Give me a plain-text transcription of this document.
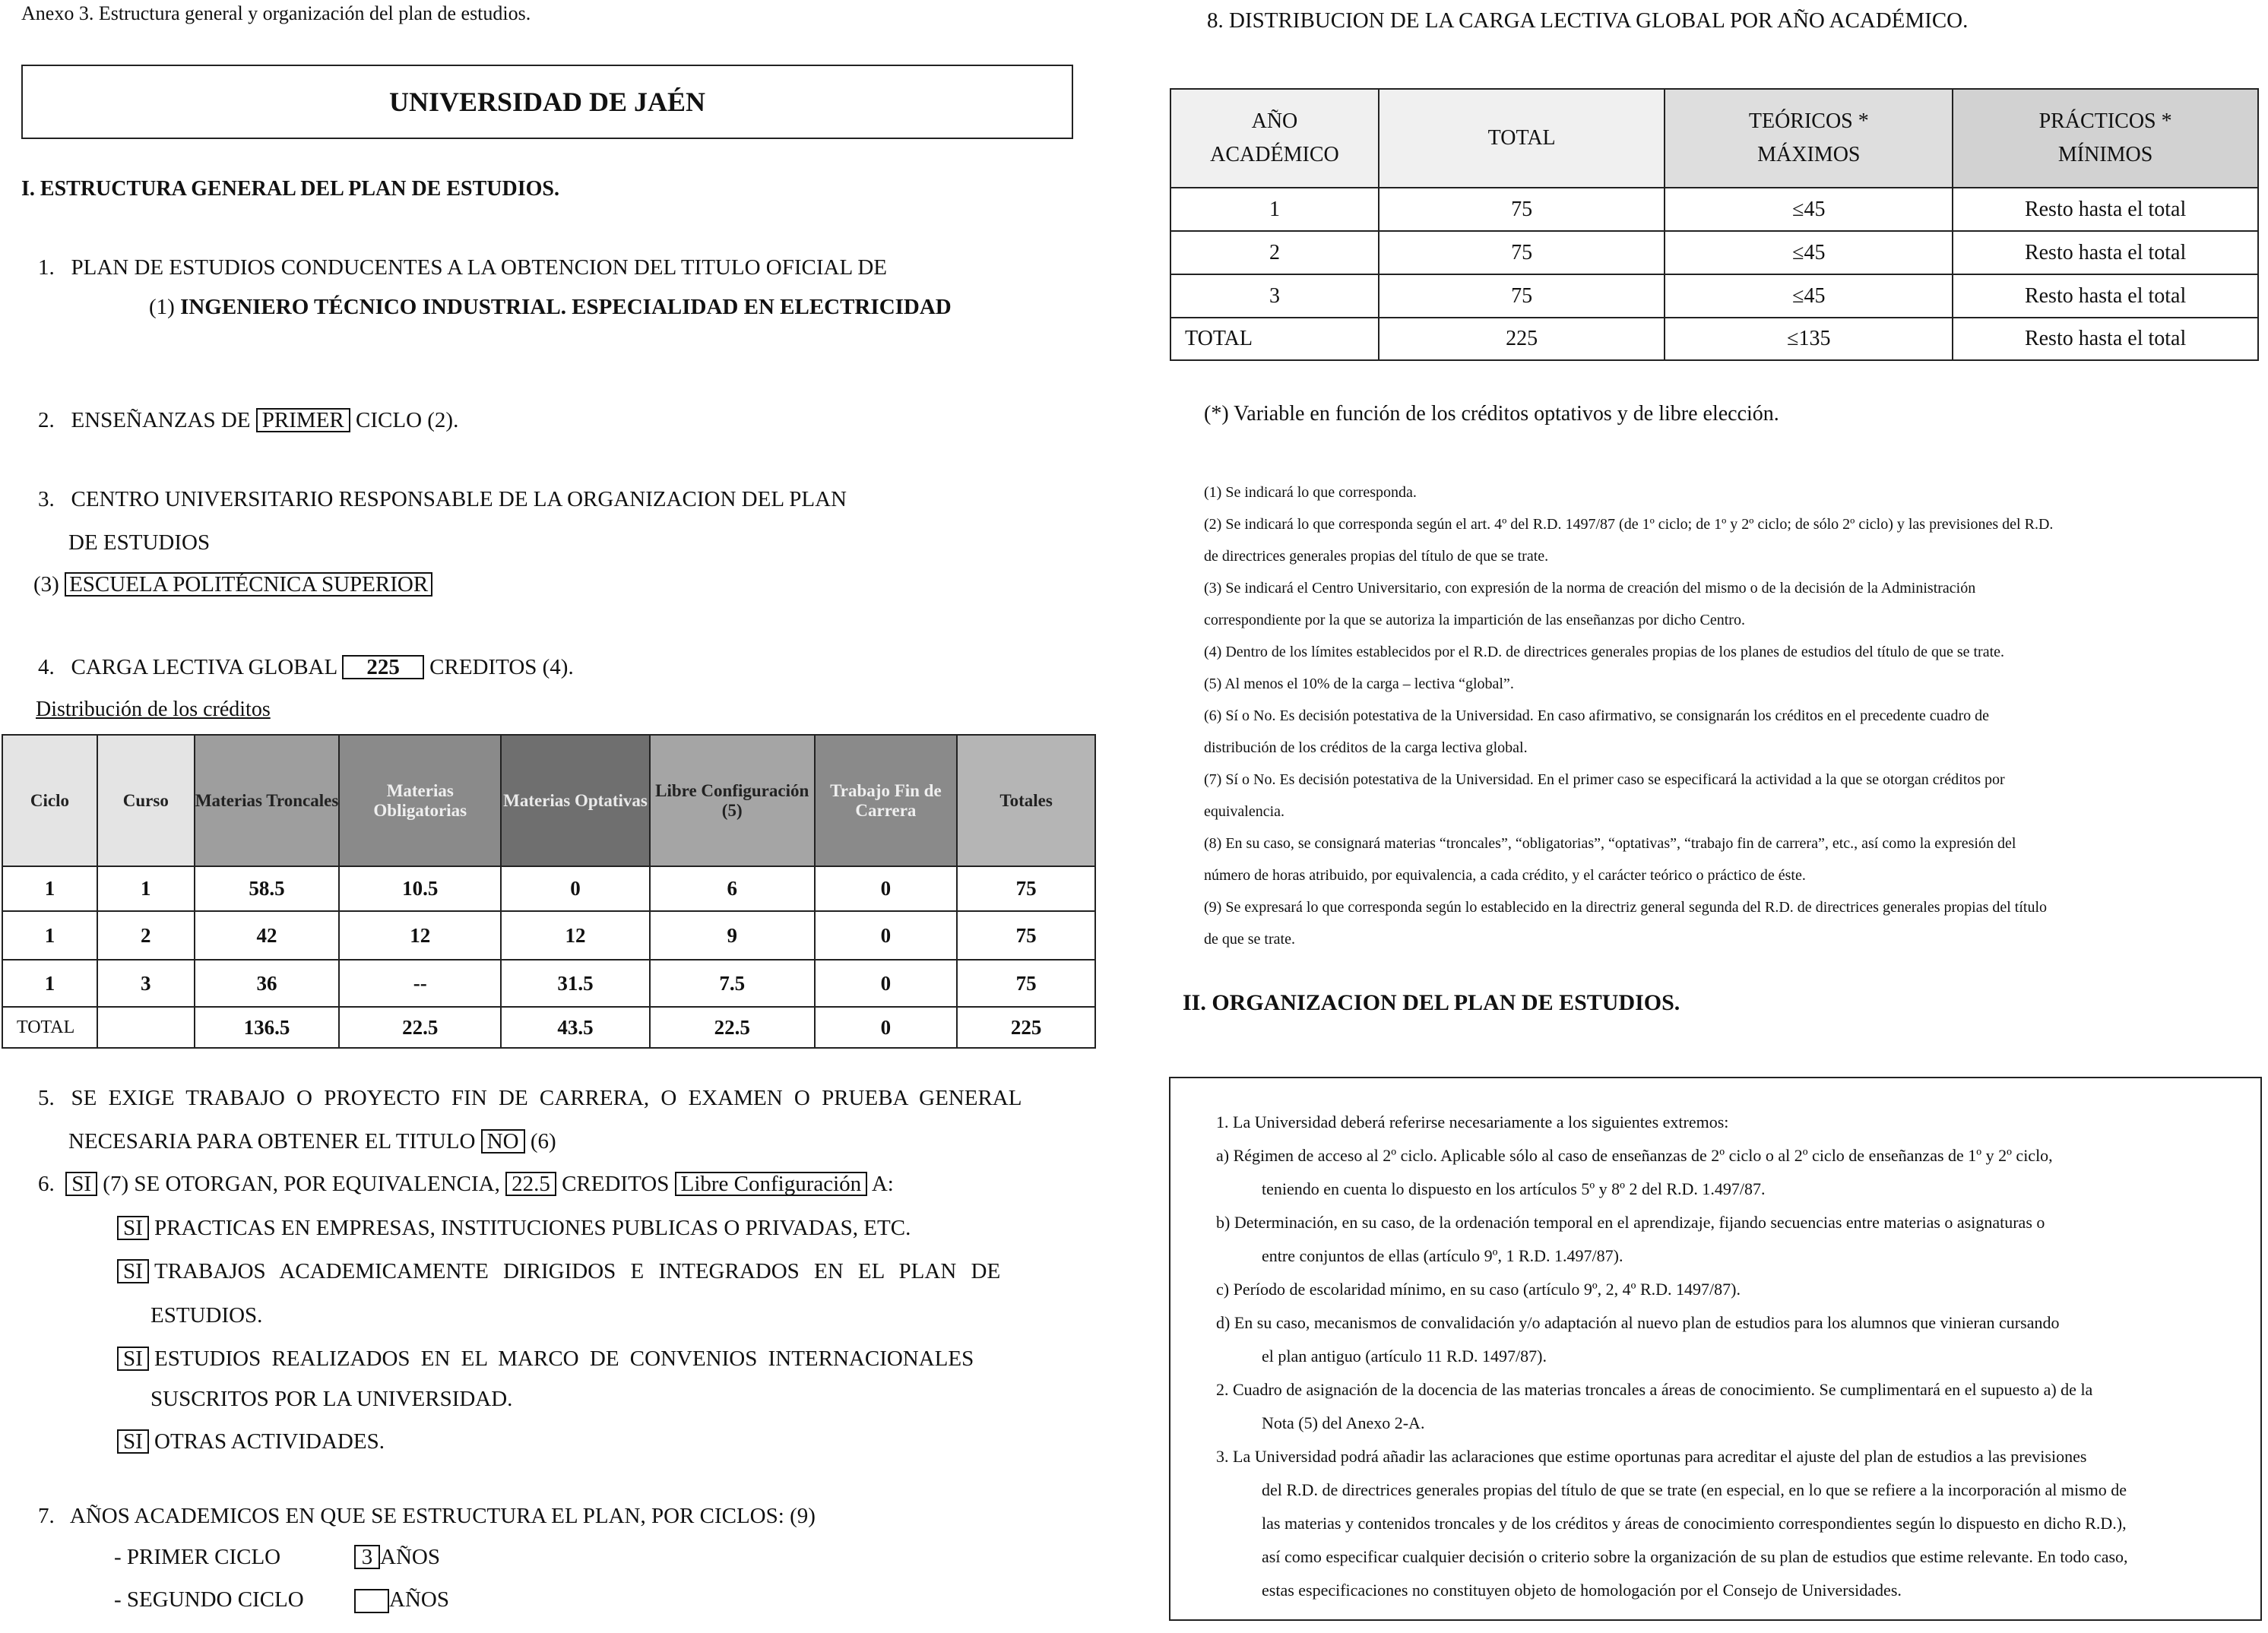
Anexo 3. Estructura general y organización del plan de estudios.
UNIVERSIDAD DE JAÉN
I. ESTRUCTURA GENERAL DEL PLAN DE ESTUDIOS.
1. PLAN DE ESTUDIOS CONDUCENTES A LA OBTENCION DEL TITULO OFICIAL DE
(1) INGENIERO TÉCNICO INDUSTRIAL. ESPECIALIDAD EN ELECTRICIDAD
2. ENSEÑANZAS DE PRIMER CICLO (2).
3. CENTRO UNIVERSITARIO RESPONSABLE DE LA ORGANIZACION DEL PLAN
DE ESTUDIOS
(3) ESCUELA POLITÉCNICA SUPERIOR
4. CARGA LECTIVA GLOBAL 225 CREDITOS (4).
Distribución de los créditos
Ciclo	Curso	Materias Troncales	Materias Obligatorias	Materias Optativas	Libre Configuración (5)	Trabajo Fin de Carrera	Totales
1	1	58.5	10.5	0	6	0	75
1	2	42	12	12	9	0	75
1	3	36	--	31.5	7.5	0	75
TOTAL		136.5	22.5	43.5	22.5	0	225
5. SE EXIGE TRABAJO O PROYECTO FIN DE CARRERA, O EXAMEN O PRUEBA GENERAL
NECESARIA PARA OBTENER EL TITULO NO (6)
6. SI (7) SE OTORGAN, POR EQUIVALENCIA, 22.5 CREDITOS Libre Configuración A:
SI PRACTICAS EN EMPRESAS, INSTITUCIONES PUBLICAS O PRIVADAS, ETC.
SI TRABAJOS ACADEMICAMENTE DIRIGIDOS E INTEGRADOS EN EL PLAN DE
ESTUDIOS.
SI ESTUDIOS REALIZADOS EN EL MARCO DE CONVENIOS INTERNACIONALES
SUSCRITOS POR LA UNIVERSIDAD.
SI OTRAS ACTIVIDADES.
7. AÑOS ACADEMICOS EN QUE SE ESTRUCTURA EL PLAN, POR CICLOS: (9)
- PRIMER CICLO	3 AÑOS
- SEGUNDO CICLO	AÑOS
8. DISTRIBUCION DE LA CARGA LECTIVA GLOBAL POR AÑO ACADÉMICO.
AÑO ACADÉMICO	TOTAL	TEÓRICOS * MÁXIMOS	PRÁCTICOS * MÍNIMOS
1	75	≤45	Resto hasta el total
2	75	≤45	Resto hasta el total
3	75	≤45	Resto hasta el total
TOTAL	225	≤135	Resto hasta el total
(*) Variable en función de los créditos optativos y de libre elección.
(1) Se indicará lo que corresponda.
(2) Se indicará lo que corresponda según el art. 4º del R.D. 1497/87 (de 1º ciclo; de 1º y 2º ciclo; de sólo 2º ciclo) y las previsiones del R.D.
de directrices generales propias del título de que se trate.
(3) Se indicará el Centro Universitario, con expresión de la norma de creación del mismo o de la decisión de la Administración
correspondiente por la que se autoriza la impartición de las enseñanzas por dicho Centro.
(4) Dentro de los límites establecidos por el R.D. de directrices generales propias de los planes de estudios del título de que se trate.
(5) Al menos el 10% de la carga – lectiva “global”.
(6) Sí o No. Es decisión potestativa de la Universidad. En caso afirmativo, se consignarán los créditos en el precedente cuadro de
distribución de los créditos de la carga lectiva global.
(7) Sí o No. Es decisión potestativa de la Universidad. En el primer caso se especificará la actividad a la que se otorgan créditos por
equivalencia.
(8) En su caso, se consignará materias “troncales”, “obligatorias”, “optativas”, “trabajo fin de carrera”, etc., así como la expresión del
número de horas atribuido, por equivalencia, a cada crédito, y el carácter teórico o práctico de éste.
(9) Se expresará lo que corresponda según lo establecido en la directriz general segunda del R.D. de directrices generales propias del título
de que se trate.
II. ORGANIZACION DEL PLAN DE ESTUDIOS.
1. La Universidad deberá referirse necesariamente a los siguientes extremos:
a) Régimen de acceso al 2º ciclo. Aplicable sólo al caso de enseñanzas de 2º ciclo o al 2º ciclo de enseñanzas de 1º y 2º ciclo,
teniendo en cuenta lo dispuesto en los artículos 5º y 8º 2 del R.D. 1.497/87.
b) Determinación, en su caso, de la ordenación temporal en el aprendizaje, fijando secuencias entre materias o asignaturas o
entre conjuntos de ellas (artículo 9º, 1 R.D. 1.497/87).
c) Período de escolaridad mínimo, en su caso (artículo 9º, 2, 4º R.D. 1497/87).
d) En su caso, mecanismos de convalidación y/o adaptación al nuevo plan de estudios para los alumnos que vinieran cursando
el plan antiguo (artículo 11 R.D. 1497/87).
2. Cuadro de asignación de la docencia de las materias troncales a áreas de conocimiento. Se cumplimentará en el supuesto a) de la
Nota (5) del Anexo 2-A.
3. La Universidad podrá añadir las aclaraciones que estime oportunas para acreditar el ajuste del plan de estudios a las previsiones
del R.D. de directrices generales propias del título de que se trate (en especial, en lo que se refiere a la incorporación al mismo de
las materias y contenidos troncales y de los créditos y áreas de conocimiento correspondientes según lo dispuesto en dicho R.D.),
así como especificar cualquier decisión o criterio sobre la organización de su plan de estudios que estime relevante. En todo caso,
estas especificaciones no constituyen objeto de homologación por el Consejo de Universidades.
